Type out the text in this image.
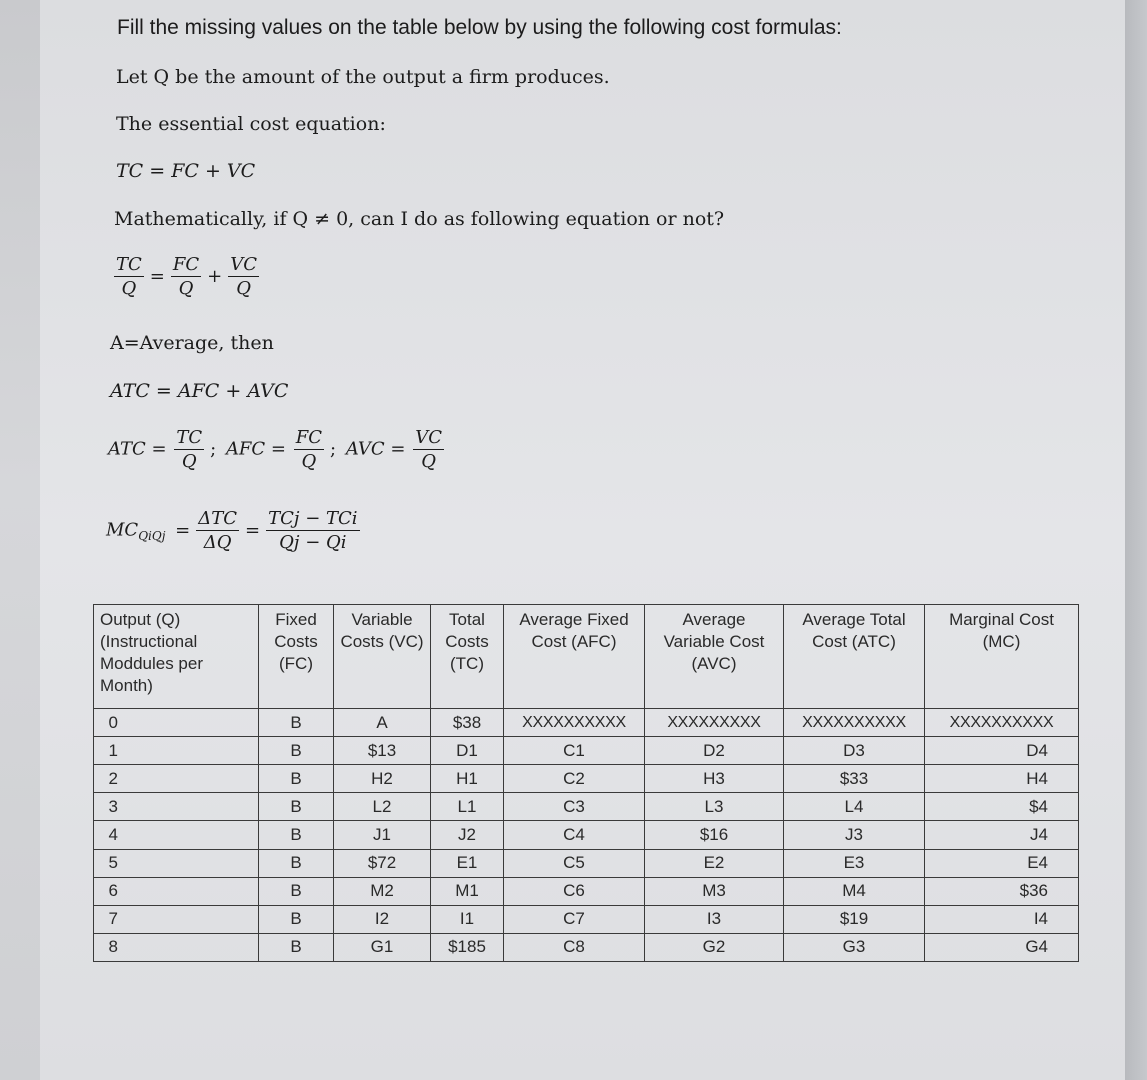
Fill the missing values on the table below by using the following cost formulas:
Let Q be the amount of the output a firm produces.
The essential cost equation:
TC = FC + VC
Mathematically, if Q ≠ 0, can I do as following equation or not?
$\frac{TC}{Q} = \frac{FC}{Q} + \frac{VC}{Q}$
A=Average, then
ATC = AFC + AVC
ATC = $\frac{TC}{Q}$ ; AFC = $\frac{FC}{Q}$ ; AVC = $\frac{VC}{Q}$
$MC_{QiQj} = \frac{\text{ΔTC}}{\Delta Q} = \frac{\text{TCj − TCi}}{Qj - Qi}$
Output (Q) (Instructional Moddules per Month)	Fixed Costs (FC)	Variable Costs (VC)	Total Costs (TC)	Average Fixed Cost (AFC)	Average Variable Cost (AVC)	Average Total Cost (ATC)	Marginal Cost (MC)
0	B	A	$38	XXXXXXXXXX	XXXXXXXXX	XXXXXXXXXX	XXXXXXXXXX
1	B	$13	D1	C1	D2	D3	D4
2	B	H2	H1	C2	H3	$33	H4
3	B	L2	L1	C3	L3	L4	$4
4	B	J1	J2	C4	$16	J3	J4
5	B	$72	E1	C5	E2	E3	E4
6	B	M2	M1	C6	M3	M4	$36
7	B	I2	I1	C7	I3	$19	I4
8	B	G1	$185	C8	G2	G3	G4
